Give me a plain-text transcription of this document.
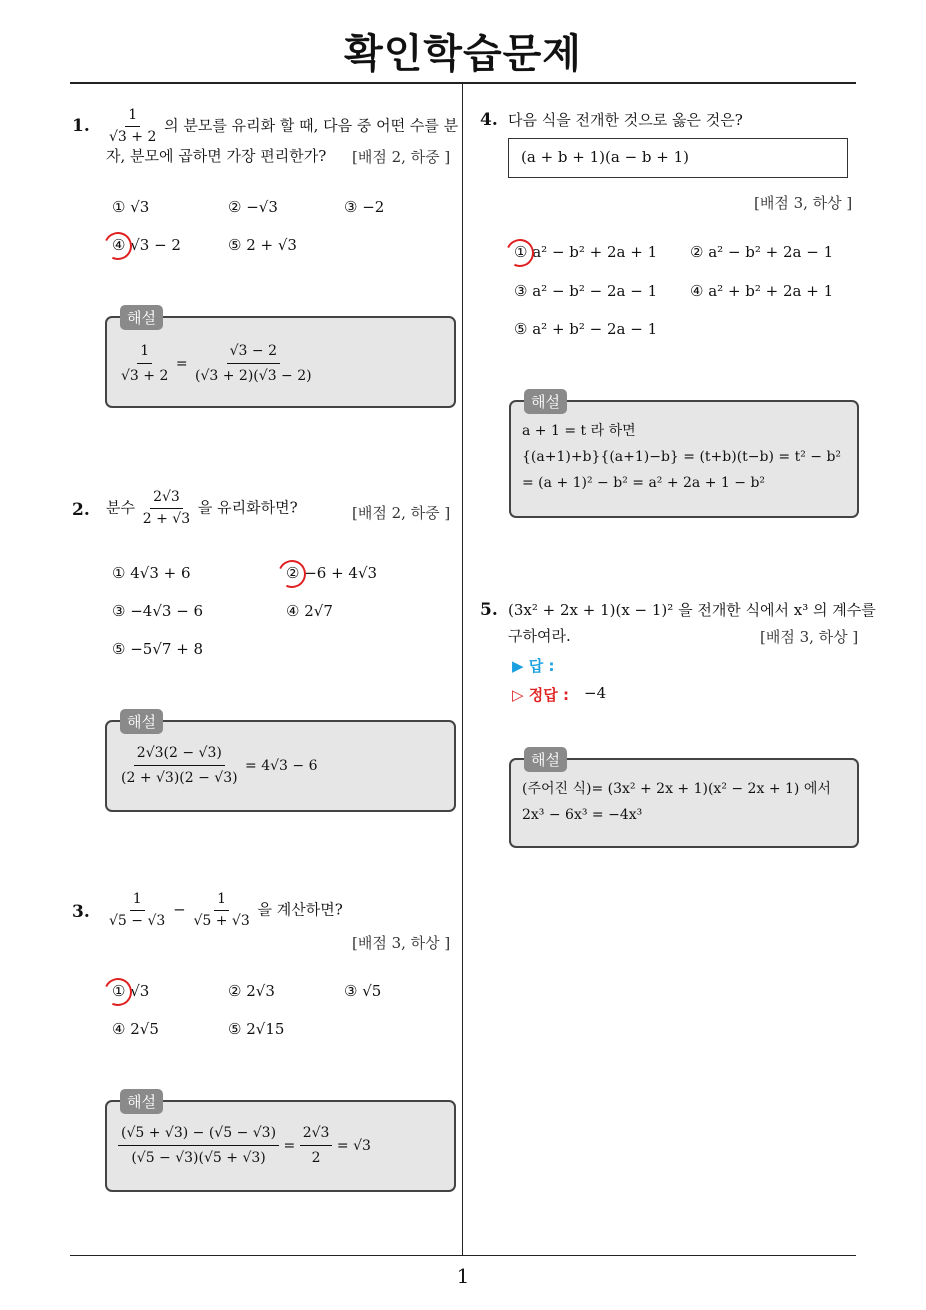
확인학습문제
1
1. $\frac{1}{√3 + 2}$ 의 분모를 유리화 할 때, 다음 중 어떤 수를 분
자, 분모에 곱하면 가장 편리한가? [배점 2, 하중 ]
① √3	② −√3	③ −2
④ √3 − 2	⑤ 2 + √3
해설
$\frac{1}{√3 + 2} = \frac{√3 - 2}{(√3 + 2)(√3 - 2)}$
2. 분수 $\frac{2√3}{2 + √3}$ 을 유리화하면?	[배점 2, 하중 ]
① 4√3 + 6	② −6 + 4√3
③ −4√3 − 6	④ 2√7
⑤ −5√7 + 8
해설
$\frac{2√3(2 - √3)}{(2 + √3)(2 - √3)} = 4√3 - 6$
3. $\frac{1}{√5 - √3} - \frac{1}{√5 + √3}$ 을 계산하면?
[배점 3, 하상 ]
① √3	② 2√3	③ √5
④ 2√5	⑤ 2√15
해설
$\frac{(√5 + √3) - (√5 - √3)}{(√5 - √3)(√5 + √3)} = \frac{2√3}{2} = √3$
4. 다음 식을 전개한 것으로 옳은 것은?
(a + b + 1)(a − b + 1)
[배점 3, 하상 ]
① a² − b² + 2a + 1 ② a² − b² + 2a − 1
③ a² − b² − 2a − 1 ④ a² + b² + 2a + 1
⑤ a² + b² − 2a − 1
해설
a + 1 = t 라 하면
{(a+1)+b}{(a+1)−b} = (t+b)(t−b) = t² − b²
= (a + 1)² − b² = a² + 2a + 1 − b²
5. (3x² + 2x + 1)(x − 1)² 을 전개한 식에서 x³ 의 계수를
구하여라.	[배점 3, 하상 ]
▶ 답 :
▷ 정답 : −4
해설
(주어진 식)= (3x² + 2x + 1)(x² − 2x + 1) 에서
2x³ − 6x³ = −4x³
